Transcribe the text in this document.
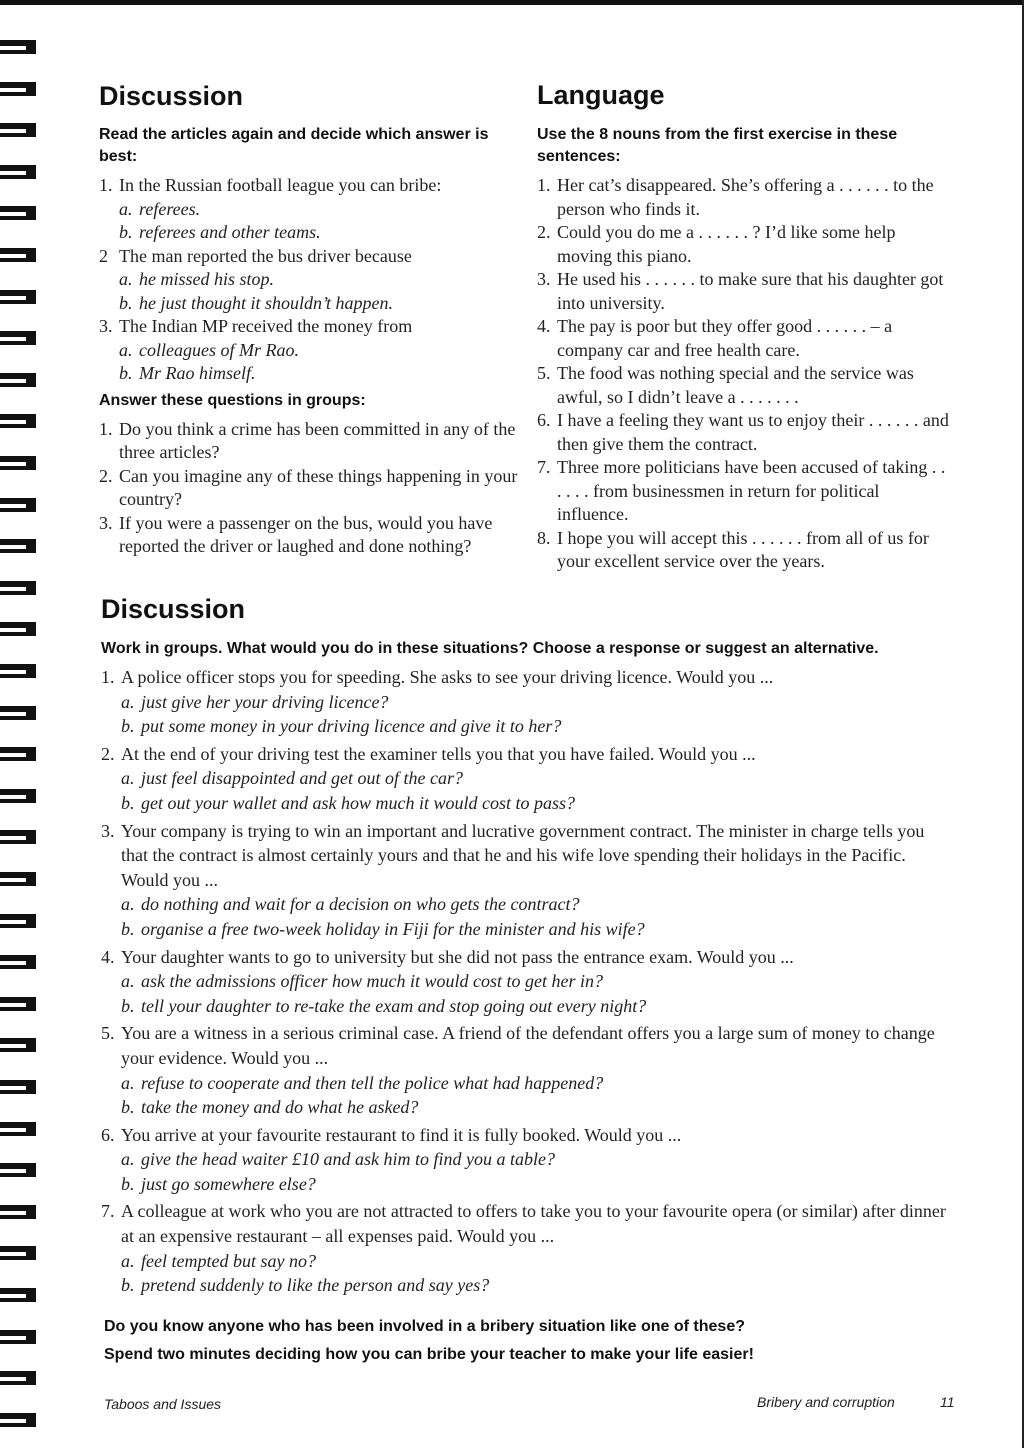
Discussion
Read the articles again and decide which answer is best:
1. In the Russian football league you can bribe:
a. referees.
b. referees and other teams.
2 The man reported the bus driver because
a. he missed his stop.
b. he just thought it shouldn’t happen.
3. The Indian MP received the money from
a. colleagues of Mr Rao.
b. Mr Rao himself.
Answer these questions in groups:
1. Do you think a crime has been committed in any of the three articles?
2. Can you imagine any of these things happening in your country?
3. If you were a passenger on the bus, would you have reported the driver or laughed and done nothing?
Language
Use the 8 nouns from the first exercise in these sentences:
1. Her cat’s disappeared. She’s offering a . . . . . . to the person who finds it.
2. Could you do me a . . . . . . ? I’d like some help moving this piano.
3. He used his . . . . . . to make sure that his daughter got into university.
4. The pay is poor but they offer good . . . . . . – a company car and free health care.
5. The food was nothing special and the service was awful, so I didn’t leave a . . . . . . .
6. I have a feeling they want us to enjoy their . . . . . . and then give them the contract.
7. Three more politicians have been accused of taking . . . . . . from businessmen in return for political influence.
8. I hope you will accept this . . . . . . from all of us for your excellent service over the years.
Discussion
Work in groups. What would you do in these situations? Choose a response or suggest an alternative.
1. A police officer stops you for speeding. She asks to see your driving licence. Would you ...
a. just give her your driving licence?
b. put some money in your driving licence and give it to her?
2. At the end of your driving test the examiner tells you that you have failed. Would you ...
a. just feel disappointed and get out of the car?
b. get out your wallet and ask how much it would cost to pass?
3. Your company is trying to win an important and lucrative government contract. The minister in charge tells you that the contract is almost certainly yours and that he and his wife love spending their holidays in the Pacific. Would you ...
a. do nothing and wait for a decision on who gets the contract?
b. organise a free two-week holiday in Fiji for the minister and his wife?
4. Your daughter wants to go to university but she did not pass the entrance exam. Would you ...
a. ask the admissions officer how much it would cost to get her in?
b. tell your daughter to re-take the exam and stop going out every night?
5. You are a witness in a serious criminal case. A friend of the defendant offers you a large sum of money to change your evidence. Would you ...
a. refuse to cooperate and then tell the police what had happened?
b. take the money and do what he asked?
6. You arrive at your favourite restaurant to find it is fully booked. Would you ...
a. give the head waiter £10 and ask him to find you a table?
b. just go somewhere else?
7. A colleague at work who you are not attracted to offers to take you to your favourite opera (or similar) after dinner at an expensive restaurant – all expenses paid. Would you ...
a. feel tempted but say no?
b. pretend suddenly to like the person and say yes?
Do you know anyone who has been involved in a bribery situation like one of these?
Spend two minutes deciding how you can bribe your teacher to make your life easier!
Taboos and Issues	Bribery and corruption	11
